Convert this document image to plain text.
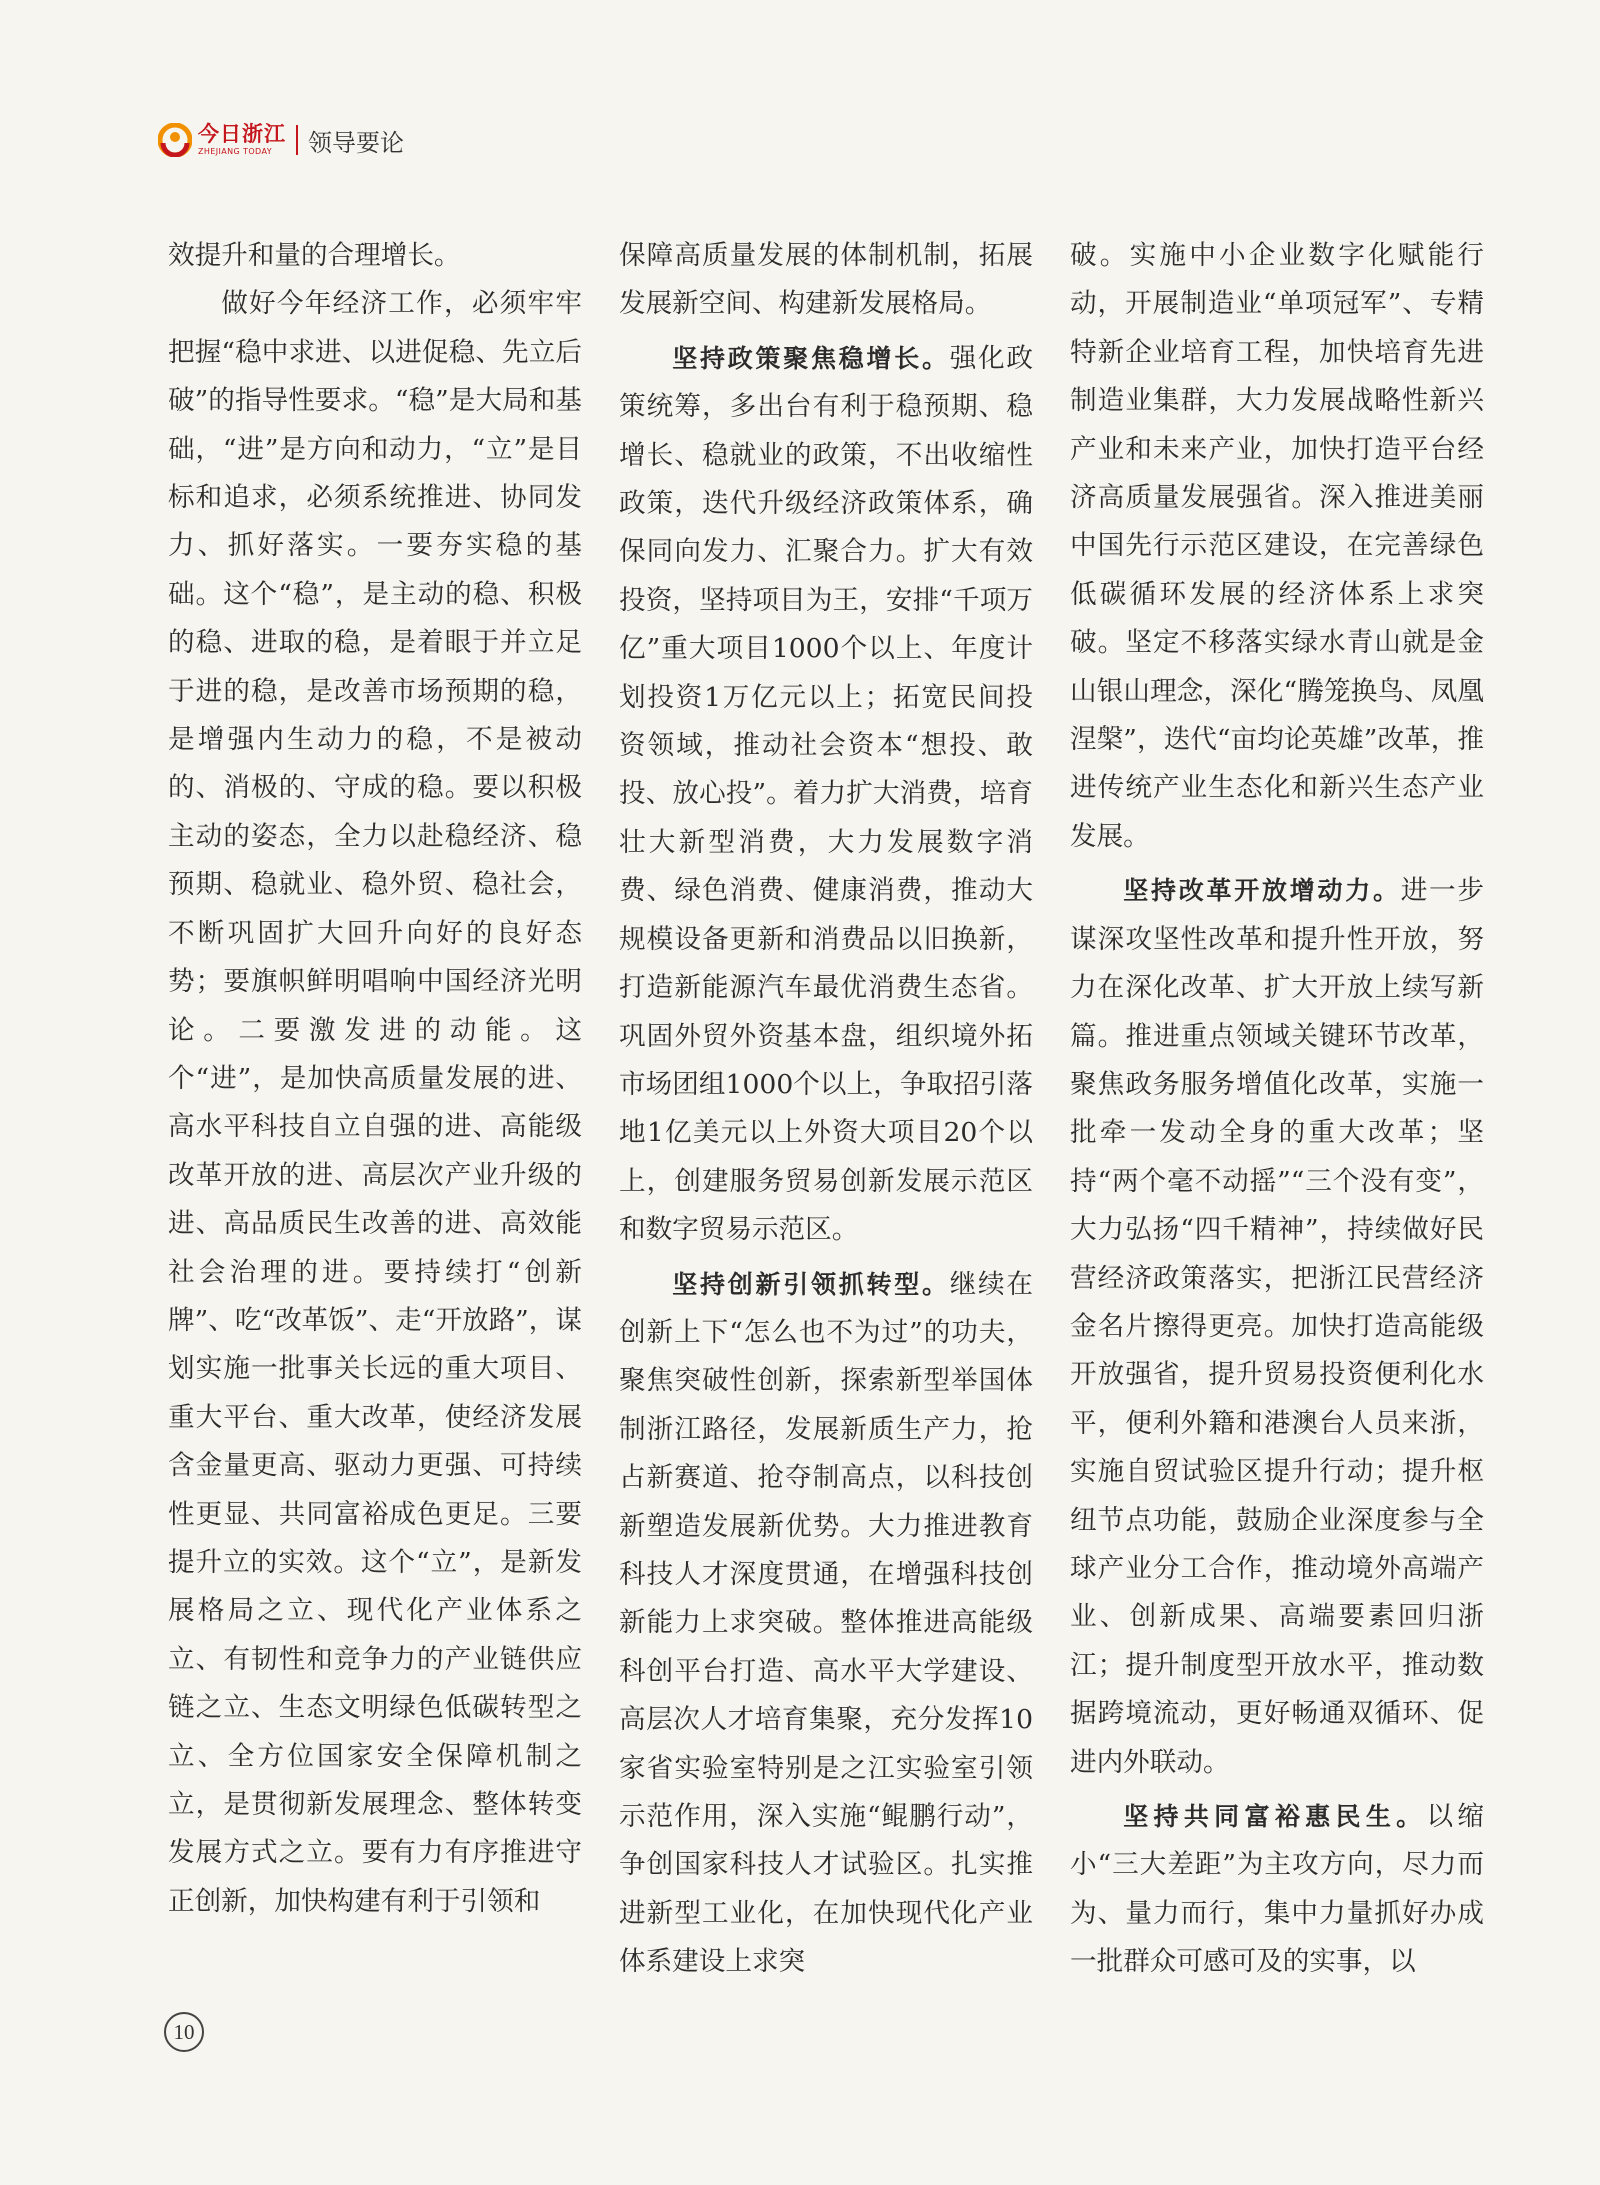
今日浙江
ZHEJIANG TODAY	领导要论

效提升和量的合理增长。

做好今年经济工作，必须牢牢把握“稳中求进、以进促稳、先立后破”的指导性要求。“稳”是大局和基础，“进”是方向和动力，“立”是目标和追求，必须系统推进、协同发力、抓好落实。一要夯实稳的基础。这个“稳”，是主动的稳、积极的稳、进取的稳，是着眼于并立足于进的稳，是改善市场预期的稳，是增强内生动力的稳，不是被动的、消极的、守成的稳。要以积极主动的姿态，全力以赴稳经济、稳预期、稳就业、稳外贸、稳社会，不断巩固扩大回升向好的良好态势；要旗帜鲜明唱响中国经济光明论。二要激发进的动能。这个“进”，是加快高质量发展的进、高水平科技自立自强的进、高能级改革开放的进、高层次产业升级的进、高品质民生改善的进、高效能社会治理的进。要持续打“创新牌”、吃“改革饭”、走“开放路”，谋划实施一批事关长远的重大项目、重大平台、重大改革，使经济发展含金量更高、驱动力更强、可持续性更显、共同富裕成色更足。三要提升立的实效。这个“立”，是新发展格局之立、现代化产业体系之立、有韧性和竞争力的产业链供应链之立、生态文明绿色低碳转型之立、全方位国家安全保障机制之立，是贯彻新发展理念、整体转变发展方式之立。要有力有序推进守正创新，加快构建有利于引领和

保障高质量发展的体制机制，拓展发展新空间、构建新发展格局。

坚持政策聚焦稳增长。强化政策统筹，多出台有利于稳预期、稳增长、稳就业的政策，不出收缩性政策，迭代升级经济政策体系，确保同向发力、汇聚合力。扩大有效投资，坚持项目为王，安排“千项万亿”重大项目1000个以上、年度计划投资1万亿元以上；拓宽民间投资领域，推动社会资本“想投、敢投、放心投”。着力扩大消费，培育壮大新型消费，大力发展数字消费、绿色消费、健康消费，推动大规模设备更新和消费品以旧换新，打造新能源汽车最优消费生态省。巩固外贸外资基本盘，组织境外拓市场团组1000个以上，争取招引落地1亿美元以上外资大项目20个以上，创建服务贸易创新发展示范区和数字贸易示范区。

坚持创新引领抓转型。继续在创新上下“怎么也不为过”的功夫，聚焦突破性创新，探索新型举国体制浙江路径，发展新质生产力，抢占新赛道、抢夺制高点，以科技创新塑造发展新优势。大力推进教育科技人才深度贯通，在增强科技创新能力上求突破。整体推进高能级科创平台打造、高水平大学建设、高层次人才培育集聚，充分发挥10家省实验室特别是之江实验室引领示范作用，深入实施“鲲鹏行动”，争创国家科技人才试验区。扎实推进新型工业化，在加快现代化产业体系建设上求突

破。实施中小企业数字化赋能行动，开展制造业“单项冠军”、专精特新企业培育工程，加快培育先进制造业集群，大力发展战略性新兴产业和未来产业，加快打造平台经济高质量发展强省。深入推进美丽中国先行示范区建设，在完善绿色低碳循环发展的经济体系上求突破。坚定不移落实绿水青山就是金山银山理念，深化“腾笼换鸟、凤凰涅槃”，迭代“亩均论英雄”改革，推进传统产业生态化和新兴生态产业发展。

坚持改革开放增动力。进一步谋深攻坚性改革和提升性开放，努力在深化改革、扩大开放上续写新篇。推进重点领域关键环节改革，聚焦政务服务增值化改革，实施一批牵一发动全身的重大改革；坚持“两个毫不动摇”“三个没有变”，大力弘扬“四千精神”，持续做好民营经济政策落实，把浙江民营经济金名片擦得更亮。加快打造高能级开放强省，提升贸易投资便利化水平，便利外籍和港澳台人员来浙，实施自贸试验区提升行动；提升枢纽节点功能，鼓励企业深度参与全球产业分工合作，推动境外高端产业、创新成果、高端要素回归浙江；提升制度型开放水平，推动数据跨境流动，更好畅通双循环、促进内外联动。

坚持共同富裕惠民生。以缩小“三大差距”为主攻方向，尽力而为、量力而行，集中力量抓好办成一批群众可感可及的实事，以

10
